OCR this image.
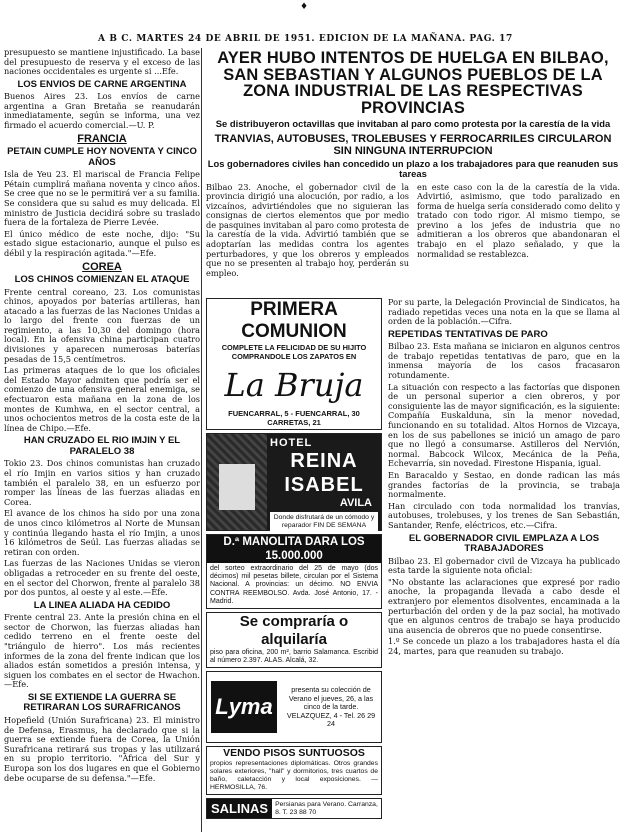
A B C. MARTES 24 DE ABRIL DE 1951. EDICION DE LA MAÑANA. PAG. 17
♦

presupuesto se mantiene injustificado. La base del presupuesto de reserva y el exceso de las naciones occidentales es urgente si ...Efe.

LOS ENVIOS DE CARNE ARGENTINA

Buenos Aires 23. Los envíos de carne argentina a Gran Bretaña se reanudarán inmediatamente, según se informa, una vez firmado el acuerdo comercial.—U. P.

FRANCIA
PETAIN CUMPLE HOY NOVENTA Y CINCO AÑOS

Isla de Yeu 23. El mariscal de Francia Felipe Pétain cumplirá mañana noventa y cinco años. Se cree que no se le permitirá ver a su familia. Se considera que su salud es muy delicada. El ministro de Justicia decidirá sobre su traslado fuera de la fortaleza de Pierre Levée.

El único médico de este noche, dijo: "Su estado sigue estacionario, aunque el pulso es débil y la respiración agitada."—Efe.

COREA
LOS CHINOS COMIENZAN EL ATAQUE

Frente central coreano, 23. Los comunistas chinos, apoyados por baterías artilleras, han atacado a las fuerzas de las Naciones Unidas a lo largo del frente con fuerzas de un regimiento, a las 10,30 del domingo (hora local). En la ofensiva china participan cuatro divisiones y aparecen numerosas baterías pesadas de 15,5 centímetros.

Las primeras ataques de lo que los oficiales del Estado Mayor admiten que podría ser el comienzo de una ofensiva general enemiga, se efectuaron esta mañana en la zona de los montes de Kumhwa, en el sector central, a unos ochocientos metros de la costa este de la línea de Chipo.—Efe.

HAN CRUZADO EL RIO IMJIN Y EL PARALELO 38

Tokio 23. Dos chinos comunistas han cruzado el río Imjin en varios sitios y han cruzado también el paralelo 38, en un esfuerzo por romper las líneas de las fuerzas aliadas en Corea.

El avance de los chinos ha sido por una zona de unos cinco kilómetros al Norte de Munsan y continúa llegando hasta el río Imjin, a unos 16 kilómetros de Seúl. Las fuerzas aliadas se retiran con orden.

Las fuerzas de las Naciones Unidas se vieron obligadas a retroceder en su frente del oeste, en el sector del Chorwon, frente al paralelo 38 por dos puntos, al oeste y al este.—Efe.

LA LINEA ALIADA HA CEDIDO

Frente central 23. Ante la presión china en el sector de Chorwon, las fuerzas aliadas han cedido terreno en el frente oeste del "triángulo de hierro". Los más recientes informes de la zona del frente indican que los aliados están sometidos a presión intensa, y siguen los combates en el sector de Hwachon.—Efe.

SI SE EXTIENDE LA GUERRA SE RETIRARAN LOS SURAFRICANOS

Hopefield (Unión Surafricana) 23. El ministro de Defensa, Erasmus, ha declarado que si la guerra se extiende fuera de Corea, la Unión Surafricana retirará sus tropas y las utilizará en su propio territorio. "África del Sur y Europa son los dos lugares en que el Gobierno debe ocuparse de su defensa."—Efe.

AYER HUBO INTENTOS DE HUELGA EN BILBAO, SAN SEBASTIAN Y ALGUNOS PUEBLOS DE LA ZONA INDUSTRIAL DE LAS RESPECTIVAS PROVINCIAS
Se distribuyeron octavillas que invitaban al paro como protesta por la carestía de la vida
TRANVIAS, AUTOBUSES, TROLEBUSES Y FERROCARRILES CIRCULARON SIN NINGUNA INTERRUPCION
Los gobernadores civiles han concedido un plazo a los trabajadores para que reanuden sus tareas

Bilbao 23. Anoche, el gobernador civil de la provincia dirigió una alocución, por radio, a los vizcaínos, advirtiéndoles que no siguieran las consignas de ciertos elementos que por medio de pasquines invitaban al paro como protesta de la carestía de la vida. Advirtió también que se adoptarían las medidas contra los agentes perturbadores, y que los obreros y empleados que no se presenten al trabajo hoy, perderán su empleo.

en este caso con la de la carestía de la vida. Advirtió, asimismo, que todo paralizado en forma de huelga sería considerado como delito y tratado con todo rigor. Al mismo tiempo, se previno a los jefes de industria que no admitieran a los obreros que abandonaran el trabajo en el plazo señalado, y que la normalidad se restablezca.

PRIMERA COMUNION
COMPLETE LA FELICIDAD DE SU HIJITO COMPRANDOLE LOS ZAPATOS EN
La Bruja
FUENCARRAL, 5 - FUENCARRAL, 30 CARRETAS, 21
HOTEL
REINA ISABEL
AVILA
Donde disfrutará de un cómodo y reparador FIN DE SEMANA
D.ª MANOLITA DARA LOS 15.000.000
del sorteo extraordinario del 25 de mayo (dos décimos) mil pesetas billete, circulan por el Sistema Nacional. A provincias: un décimo. NO ENVIA CONTRA REEMBOLSO. Avda. José Antonio, 17. - Madrid.
Se compraría o alquilaría
piso para oficina, 200 m², barrio Salamanca. Escribid al número 2.397. ALAS. Alcalá, 32.
Lyma
presenta su colección de Verano el jueves, 26, a las cinco de la tarde. VELAZQUEZ, 4 - Tel. 26 29 24
VENDO PISOS SUNTUOSOS
propios representaciones diplomáticas. Otros grandes solares exteriores, "hall" y dormitorios, tres cuartos de baño, caletacción y local exposiciones. — HERMOSILLA, 76.
SALINAS	Persianas para Verano. Carranza, 8. T. 23 88 70

Por su parte, la Delegación Provincial de Sindicatos, ha radiado repetidas veces una nota en la que se llama al orden de la población.—Cifra.

REPETIDAS TENTATIVAS DE PARO

Bilbao 23. Esta mañana se iniciaron en algunos centros de trabajo repetidas tentativas de paro, que en la inmensa mayoría de los casos fracasaron rotundamente.

La situación con respecto a las factorías que disponen de un personal superior a cien obreros, y por consiguiente las de mayor significación, es la siguiente: Compañía Euskalduna, sin la menor novedad, funcionando en su totalidad. Altos Hornos de Vizcaya, en los de sus pabellones se inició un amago de paro que no llegó a consumarse. Astilleros del Nervión, normal. Babcock Wilcox, Mecánica de la Peña, Echevarría, sin novedad. Firestone Hispania, igual.

En Baracaldo y Sestao, en donde radican las más grandes factorías de la provincia, se trabaja normalmente.

Han circulado con toda normalidad los tranvías, autobuses, trolebuses, y los trenes de San Sebastián, Santander, Renfe, eléctricos, etc.—Cifra.

EL GOBERNADOR CIVIL EMPLAZA A LOS TRABAJADORES

Bilbao 23. El gobernador civil de Vizcaya ha publicado esta tarde la siguiente nota oficial:

"No obstante las aclaraciones que expresé por radio anoche, la propaganda llevada a cabo desde el extranjero por elementos disolventes, encaminada a la perturbación del orden y de la paz social, ha motivado que en algunos centros de trabajo se haya producido una ausencia de obreros que no puede consentirse.

1.º Se concede un plazo a los trabajadores hasta el día 24, martes, para que reanuden su trabajo.
